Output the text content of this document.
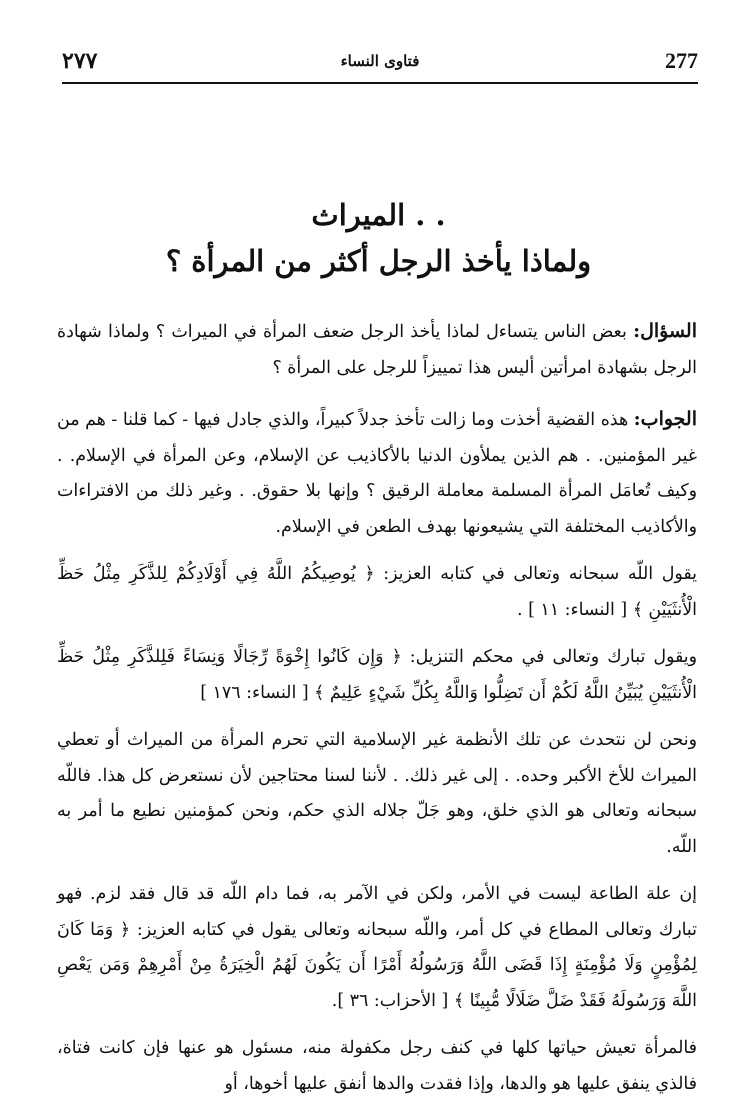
٢٧٧	فتاوى النساء	277
الميراث . .
ولماذا يأخذ الرجل أكثر من المرأة ؟

السؤال: بعض الناس يتساءل لماذا يأخذ الرجل ضعف المرأة في الميراث ؟ ولماذا شهادة الرجل بشهادة امرأتين أليس هذا تمييزاً للرجل على المرأة ؟

الجواب: هذه القضية أخذت وما زالت تأخذ جدلاً كبيراً، والذي جادل فيها - كما قلنا - هم من غير المؤمنين. . هم الذين يملأون الدنيا بالأكاذيب عن الإسلام، وعن المرأة في الإسلام. . وكيف تُعامَل المرأة المسلمة معاملة الرقيق ؟ وإنها بلا حقوق. . وغير ذلك من الافتراءات والأكاذيب المختلفة التي يشيعونها بهدف الطعن في الإسلام.

يقول اللّه سبحانه وتعالى في كتابه العزيز: ﴿ يُوصِيكُمُ اللَّهُ فِي أَوْلَادِكُمْ لِلذَّكَرِ مِثْلُ حَظِّ الْأُنثَيَيْنِ ﴾ [ النساء: ١١ ] .

ويقول تبارك وتعالى في محكم التنزيل: ﴿ وَإِن كَانُوا إِخْوَةً رِّجَالًا وَنِسَاءً فَلِلذَّكَرِ مِثْلُ حَظِّ الْأُنثَيَيْنِ يُبَيِّنُ اللَّهُ لَكُمْ أَن تَضِلُّوا وَاللَّهُ بِكُلِّ شَيْءٍ عَلِيمٌ ﴾ [ النساء: ١٧٦ ]

ونحن لن نتحدث عن تلك الأنظمة غير الإسلامية التي تحرم المرأة من الميراث أو تعطي الميراث للأخ الأكبر وحده. . إلى غير ذلك. . لأننا لسنا محتاجين لأن نستعرض كل هذا. فاللّه سبحانه وتعالى هو الذي خلق، وهو جَلّ جلاله الذي حكم، ونحن كمؤمنين نطيع ما أمر به اللّه.

إن علة الطاعة ليست في الأمر، ولكن في الآمر به، فما دام اللّه قد قال فقد لزم. فهو تبارك وتعالى المطاع في كل أمر، واللّه سبحانه وتعالى يقول في كتابه العزيز: ﴿ وَمَا كَانَ لِمُؤْمِنٍ وَلَا مُؤْمِنَةٍ إِذَا قَضَى اللَّهُ وَرَسُولُهُ أَمْرًا أَن يَكُونَ لَهُمُ الْخِيَرَةُ مِنْ أَمْرِهِمْ وَمَن يَعْصِ اللَّهَ وَرَسُولَهُ فَقَدْ ضَلَّ ضَلَالًا مُّبِينًا ﴾ [ الأحزاب: ٣٦ ].

فالمرأة تعيش حياتها كلها في كنف رجل مكفولة منه، مسئول هو عنها فإن كانت فتاة، فالذي ينفق عليها هو والدها، وإذا فقدت والدها أنفق عليها أخوها، أو
